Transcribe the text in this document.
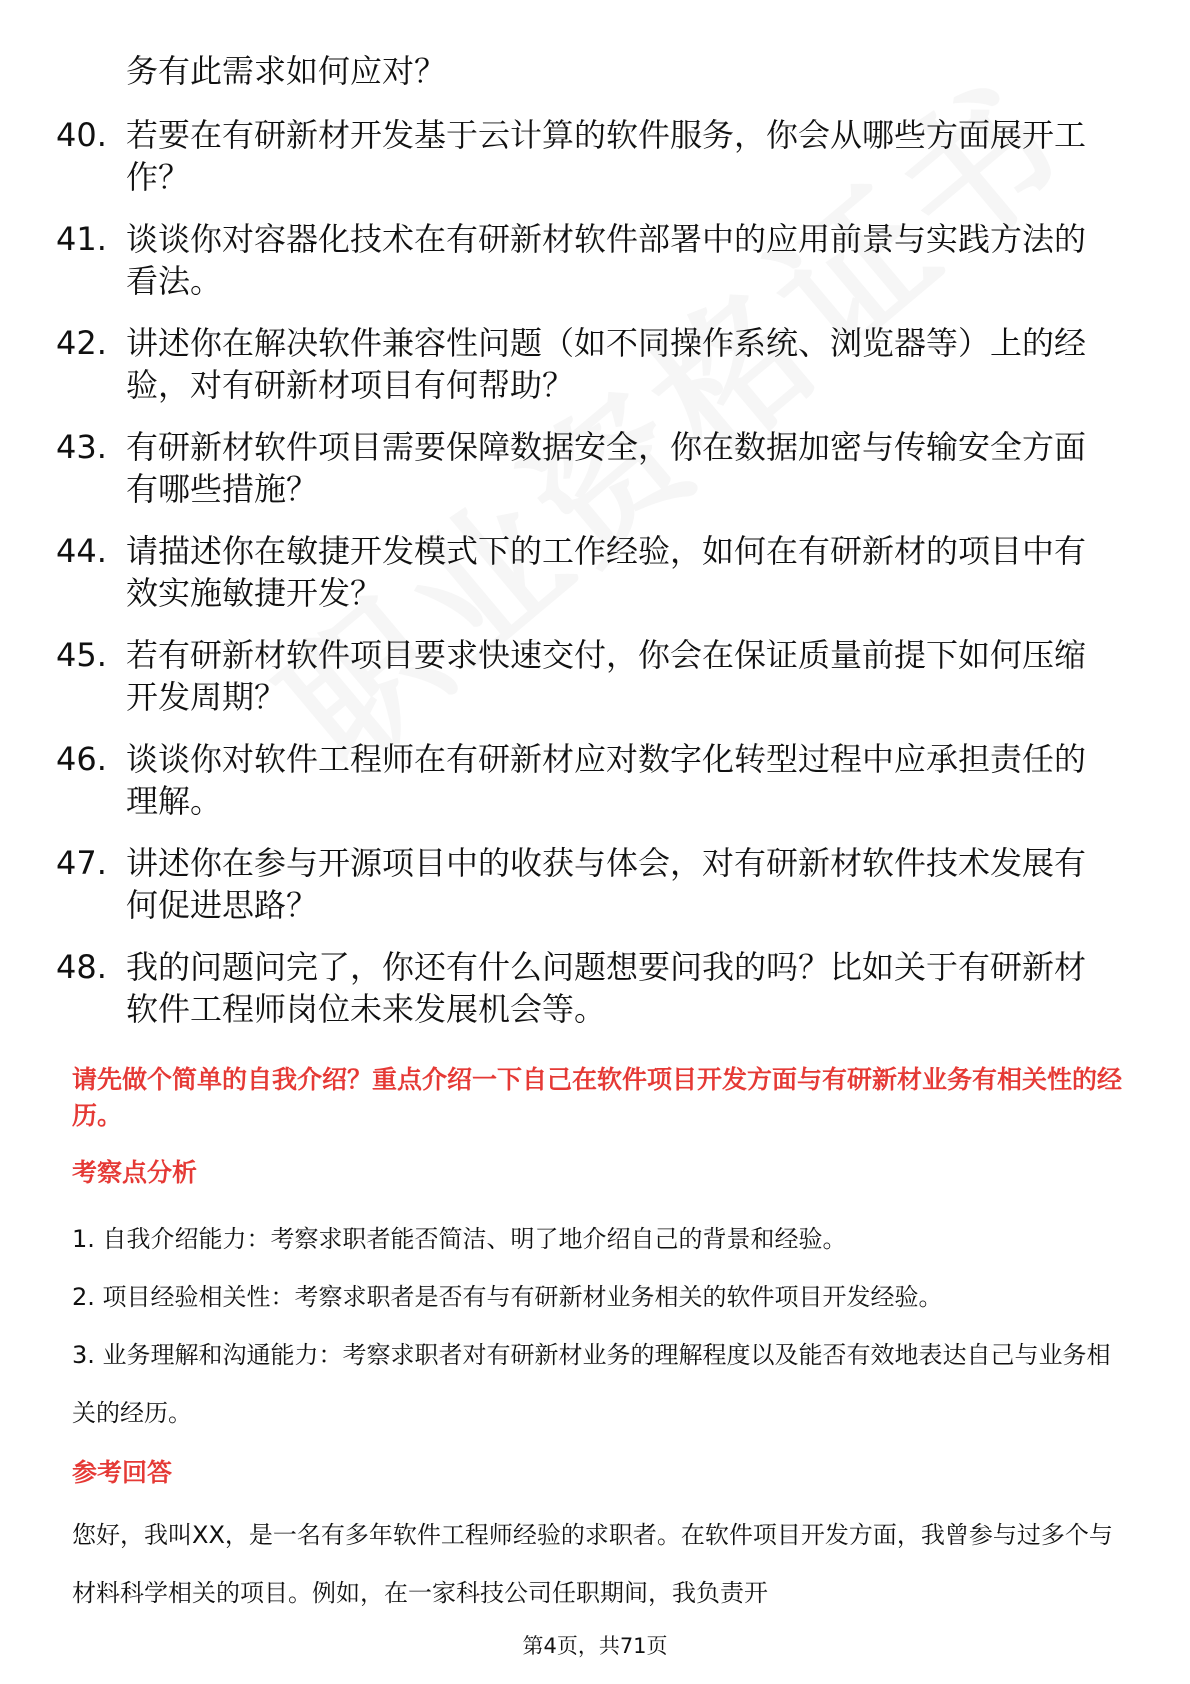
务有此需求如何应对？

40. 若要在有研新材开发基于云计算的软件服务，你会从哪些方面展开工作？
41. 谈谈你对容器化技术在有研新材软件部署中的应用前景与实践方法的看法。
42. 讲述你在解决软件兼容性问题（如不同操作系统、浏览器等）上的经验，对有研新材项目有何帮助？
43. 有研新材软件项目需要保障数据安全，你在数据加密与传输安全方面有哪些措施？
44. 请描述你在敏捷开发模式下的工作经验，如何在有研新材的项目中有效实施敏捷开发？
45. 若有研新材软件项目要求快速交付，你会在保证质量前提下如何压缩开发周期？
46. 谈谈你对软件工程师在有研新材应对数字化转型过程中应承担责任的理解。
47. 讲述你在参与开源项目中的收获与体会，对有研新材软件技术发展有何促进思路？
48. 我的问题问完了，你还有什么问题想要问我的吗？比如关于有研新材软件工程师岗位未来发展机会等。

请先做个简单的自我介绍？重点介绍一下自己在软件项目开发方面与有研新材业务有相关性的经历。

考察点分析
1. 自我介绍能力：考察求职者能否简洁、明了地介绍自己的背景和经验。
2. 项目经验相关性：考察求职者是否有与有研新材业务相关的软件项目开发经验。
3. 业务理解和沟通能力：考察求职者对有研新材业务的理解程度以及能否有效地表达自己与业务相关的经历。
参考回答

您好，我叫XX，是一名有多年软件工程师经验的求职者。在软件项目开发方面，我曾参与过多个与材料科学相关的项目。例如，在一家科技公司任职期间，我负责开

第4页，共71页
